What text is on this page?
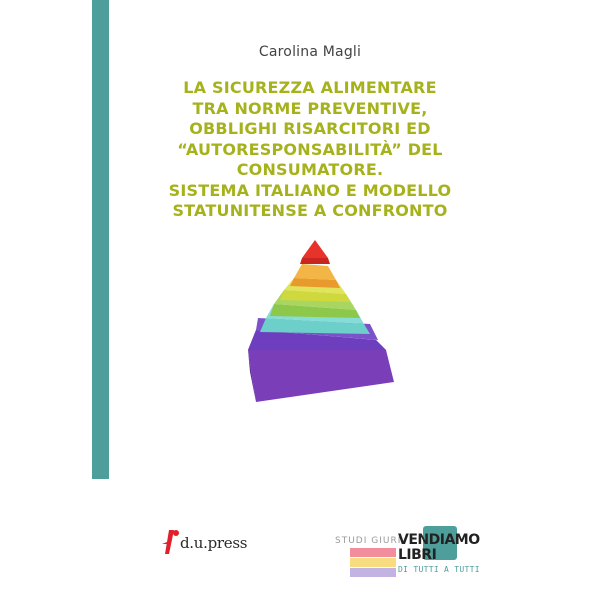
Carolina Magli
LA SICUREZZA ALIMENTARE
TRA NORME PREVENTIVE,
OBBLIGHI RISARCITORI ED
“AUTORESPONSABILITÀ” DEL
CONSUMATORE.
SISTEMA ITALIANO E MODELLO
STATUNITENSE A CONFRONTO
d.u.press	STUDI GIURI
VENDIAMO
LIBRI
DI TUTTI A TUTTI
